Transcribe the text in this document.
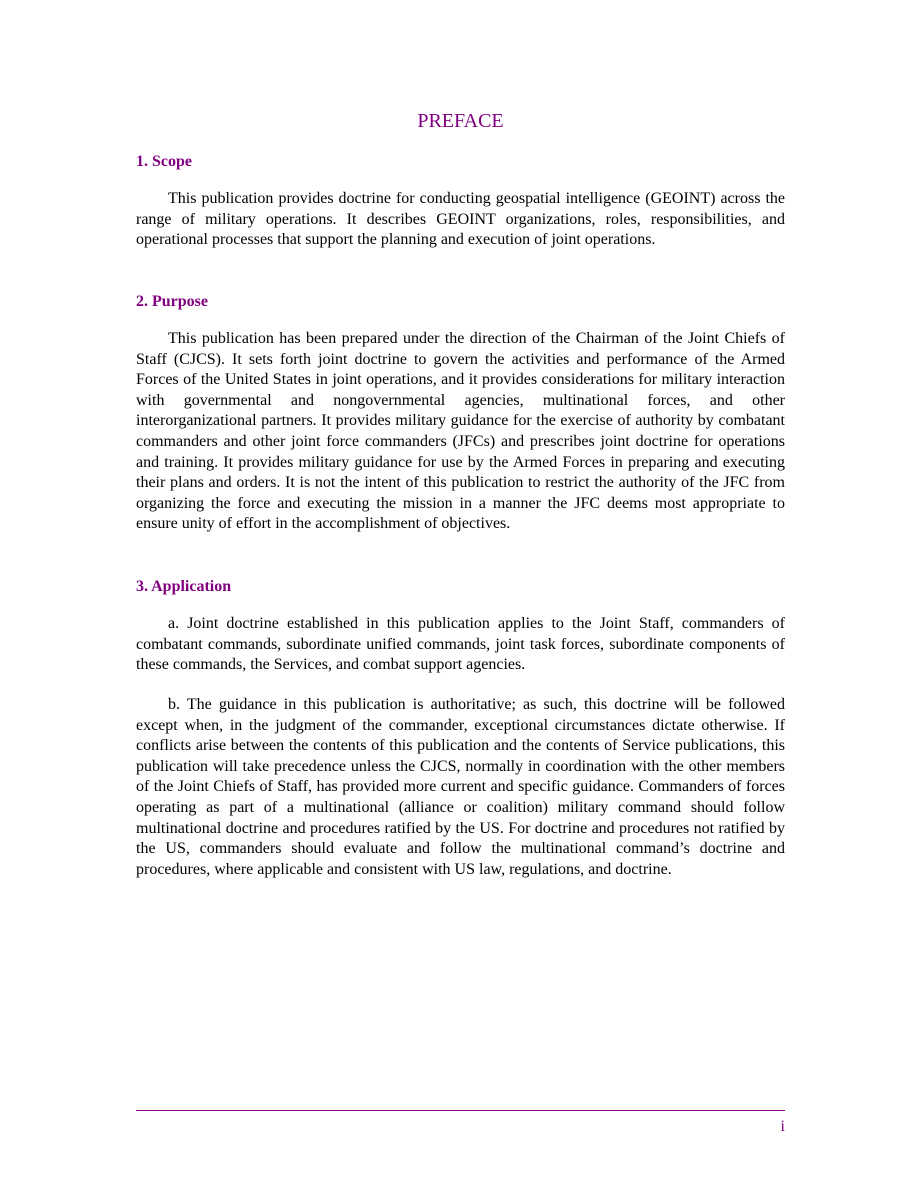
PREFACE
1. Scope

This publication provides doctrine for conducting geospatial intelligence (GEOINT) across the range of military operations. It describes GEOINT organizations, roles, responsibilities, and operational processes that support the planning and execution of joint operations.

2. Purpose

This publication has been prepared under the direction of the Chairman of the Joint Chiefs of Staff (CJCS). It sets forth joint doctrine to govern the activities and performance of the Armed Forces of the United States in joint operations, and it provides considerations for military interaction with governmental and nongovernmental agencies, multinational forces, and other interorganizational partners. It provides military guidance for the exercise of authority by combatant commanders and other joint force commanders (JFCs) and prescribes joint doctrine for operations and training. It provides military guidance for use by the Armed Forces in preparing and executing their plans and orders. It is not the intent of this publication to restrict the authority of the JFC from organizing the force and executing the mission in a manner the JFC deems most appropriate to ensure unity of effort in the accomplishment of objectives.

3. Application

a. Joint doctrine established in this publication applies to the Joint Staff, commanders of combatant commands, subordinate unified commands, joint task forces, subordinate components of these commands, the Services, and combat support agencies.

b. The guidance in this publication is authoritative; as such, this doctrine will be followed except when, in the judgment of the commander, exceptional circumstances dictate otherwise. If conflicts arise between the contents of this publication and the contents of Service publications, this publication will take precedence unless the CJCS, normally in coordination with the other members of the Joint Chiefs of Staff, has provided more current and specific guidance. Commanders of forces operating as part of a multinational (alliance or coalition) military command should follow multinational doctrine and procedures ratified by the US. For doctrine and procedures not ratified by the US, commanders should evaluate and follow the multinational command’s doctrine and procedures, where applicable and consistent with US law, regulations, and doctrine.

i
